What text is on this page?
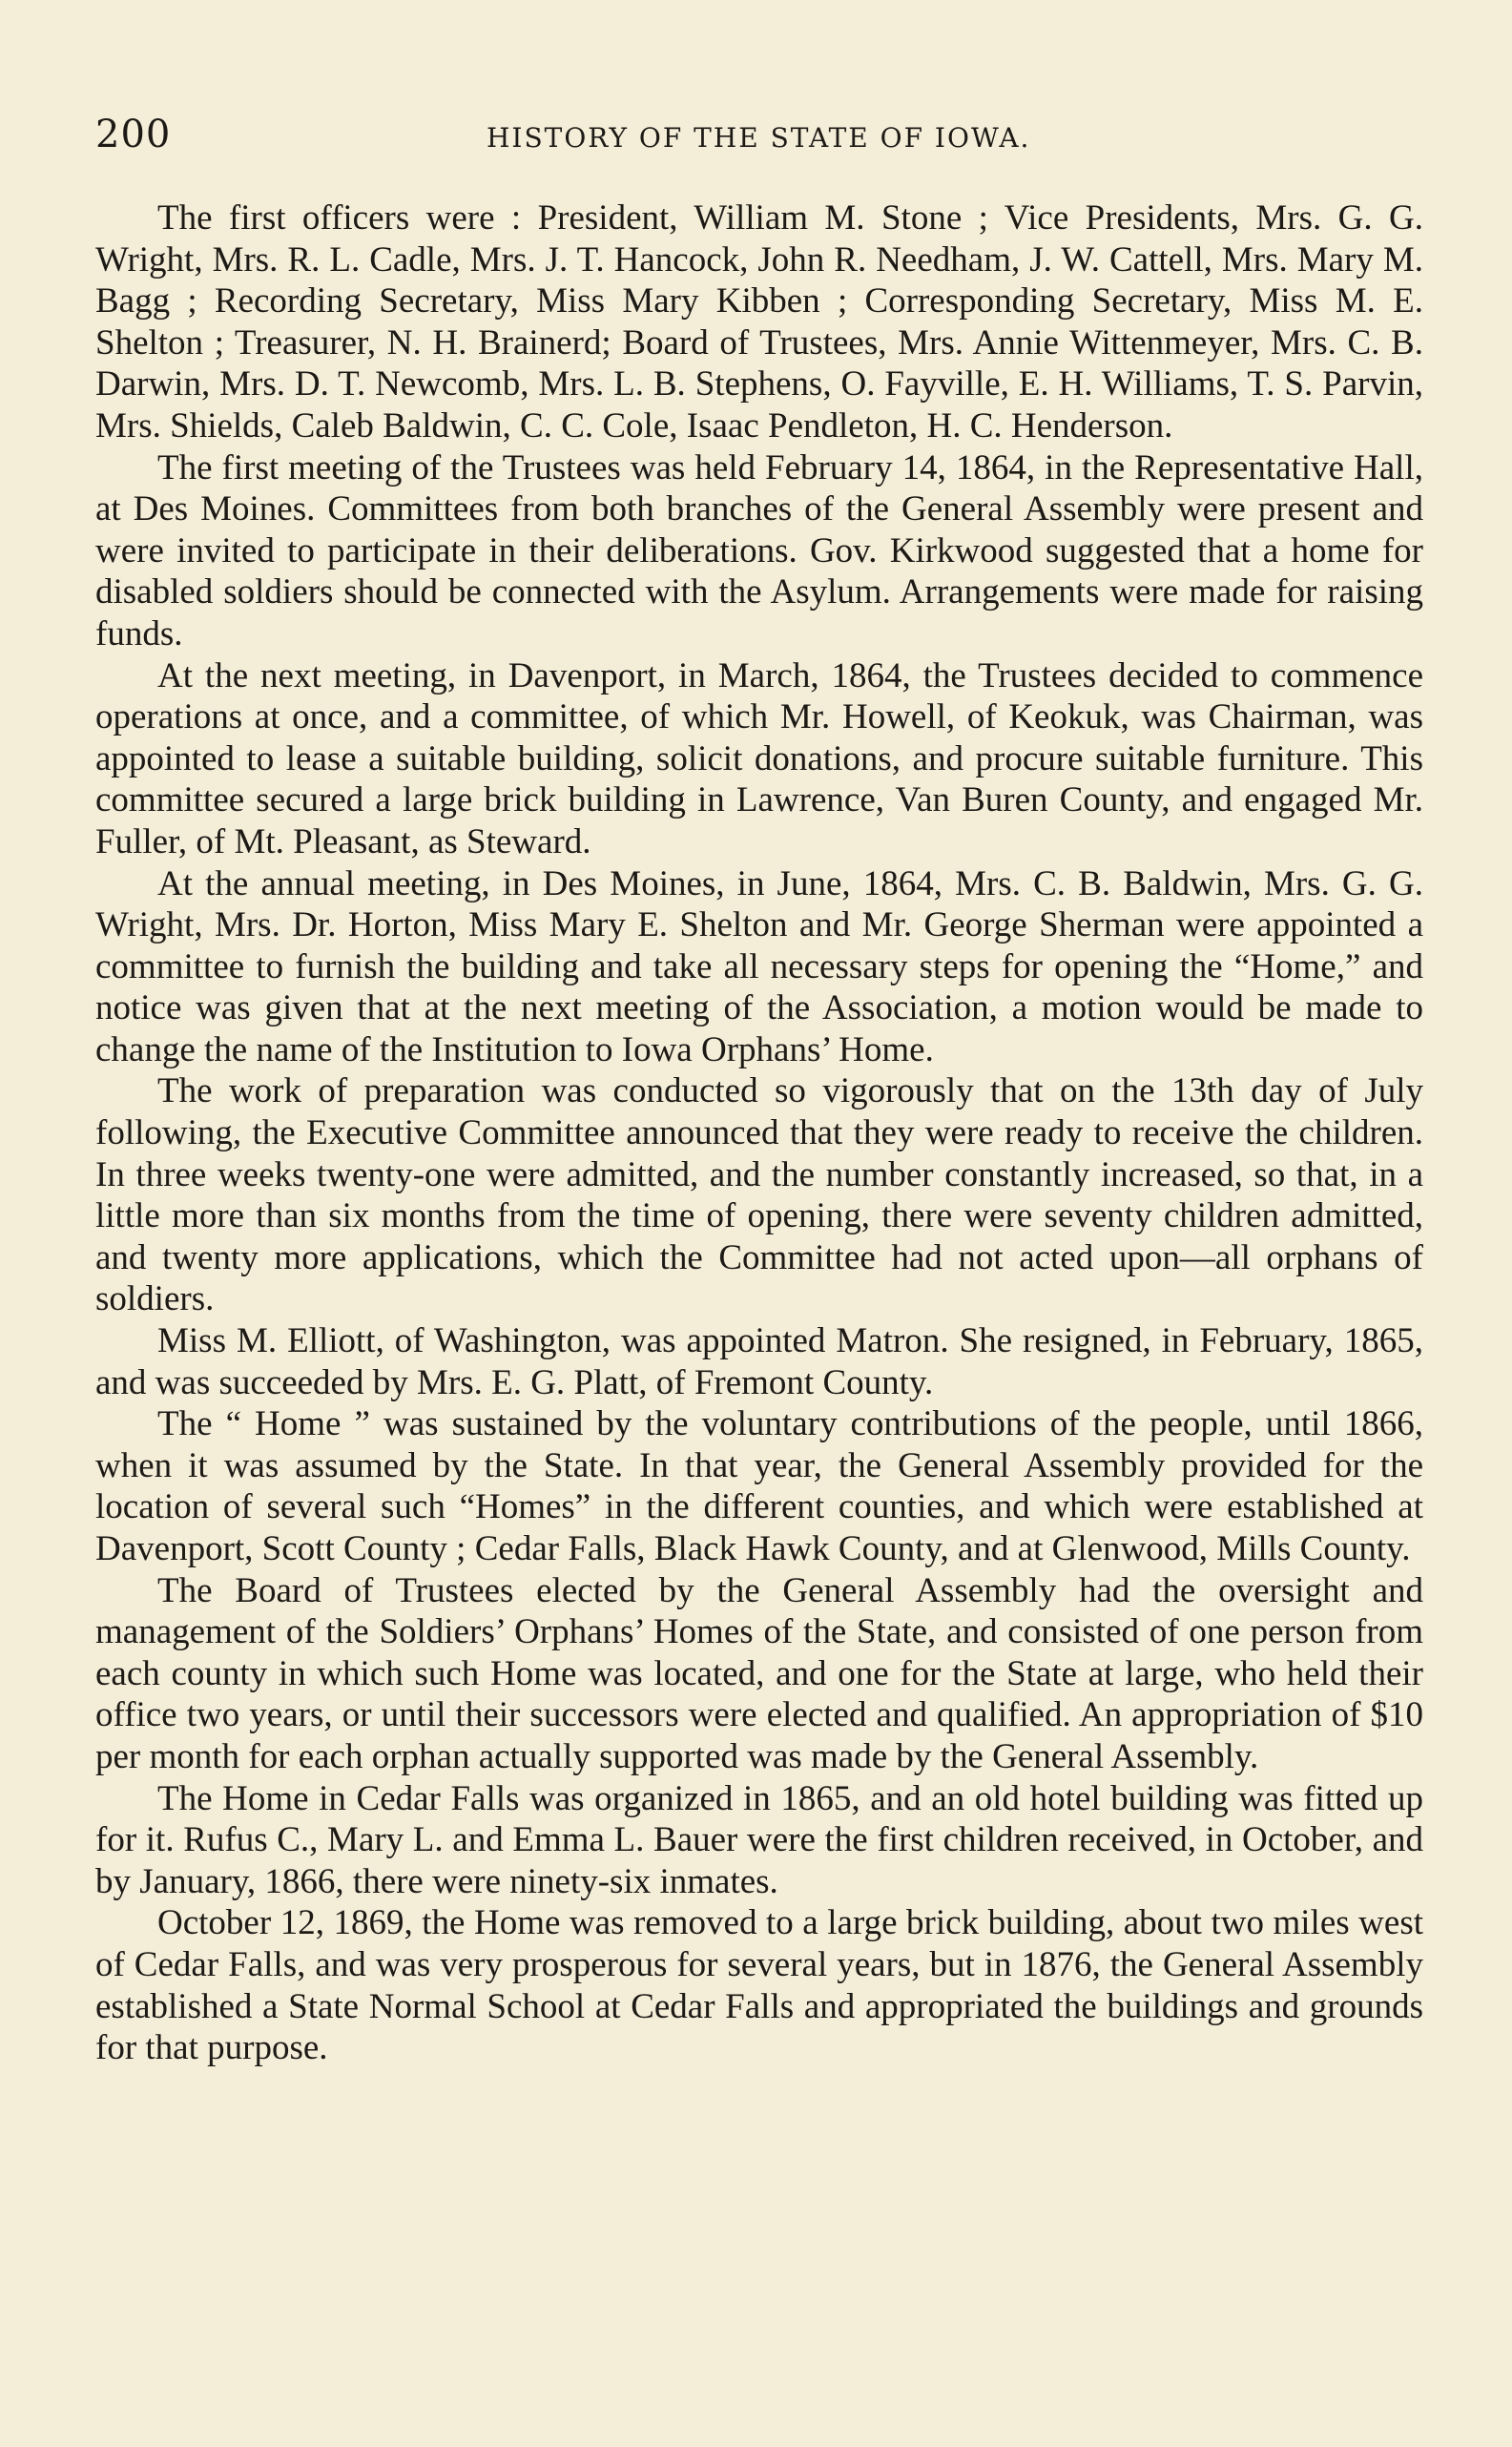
200	HISTORY OF THE STATE OF IOWA.

The first officers were : President, William M. Stone ; Vice Presidents, Mrs. G. G. Wright, Mrs. R. L. Cadle, Mrs. J. T. Hancock, John R. Needham, J. W. Cattell, Mrs. Mary M. Bagg ; Recording Secretary, Miss Mary Kibben ; Corresponding Secretary, Miss M. E. Shelton ; Treasurer, N. H. Brainerd; Board of Trustees, Mrs. Annie Wittenmeyer, Mrs. C. B. Darwin, Mrs. D. T. Newcomb, Mrs. L. B. Stephens, O. Fayville, E. H. Williams, T. S. Parvin, Mrs. Shields, Caleb Baldwin, C. C. Cole, Isaac Pendleton, H. C. Henderson.

The first meeting of the Trustees was held February 14, 1864, in the Representative Hall, at Des Moines. Committees from both branches of the General Assembly were present and were invited to participate in their deliberations. Gov. Kirkwood suggested that a home for disabled soldiers should be connected with the Asylum. Arrangements were made for raising funds.

At the next meeting, in Davenport, in March, 1864, the Trustees decided to commence operations at once, and a committee, of which Mr. Howell, of Keokuk, was Chairman, was appointed to lease a suitable building, solicit donations, and procure suitable furniture. This committee secured a large brick building in Lawrence, Van Buren County, and engaged Mr. Fuller, of Mt. Pleasant, as Steward.

At the annual meeting, in Des Moines, in June, 1864, Mrs. C. B. Baldwin, Mrs. G. G. Wright, Mrs. Dr. Horton, Miss Mary E. Shelton and Mr. George Sherman were appointed a committee to furnish the building and take all necessary steps for opening the “Home,” and notice was given that at the next meeting of the Association, a motion would be made to change the name of the Institution to Iowa Orphans’ Home.

The work of preparation was conducted so vigorously that on the 13th day of July following, the Executive Committee announced that they were ready to receive the children. In three weeks twenty-one were admitted, and the number constantly increased, so that, in a little more than six months from the time of opening, there were seventy children admitted, and twenty more applications, which the Committee had not acted upon—all orphans of soldiers.

Miss M. Elliott, of Washington, was appointed Matron. She resigned, in February, 1865, and was succeeded by Mrs. E. G. Platt, of Fremont County.

The “ Home ” was sustained by the voluntary contributions of the people, until 1866, when it was assumed by the State. In that year, the General Assembly provided for the location of several such “Homes” in the different counties, and which were established at Davenport, Scott County ; Cedar Falls, Black Hawk County, and at Glenwood, Mills County.

The Board of Trustees elected by the General Assembly had the oversight and management of the Soldiers’ Orphans’ Homes of the State, and consisted of one person from each county in which such Home was located, and one for the State at large, who held their office two years, or until their successors were elected and qualified. An appropriation of $10 per month for each orphan actually supported was made by the General Assembly.

The Home in Cedar Falls was organized in 1865, and an old hotel building was fitted up for it. Rufus C., Mary L. and Emma L. Bauer were the first children received, in October, and by January, 1866, there were ninety-six inmates.

October 12, 1869, the Home was removed to a large brick building, about two miles west of Cedar Falls, and was very prosperous for several years, but in 1876, the General Assembly established a State Normal School at Cedar Falls and appropriated the buildings and grounds for that purpose.
